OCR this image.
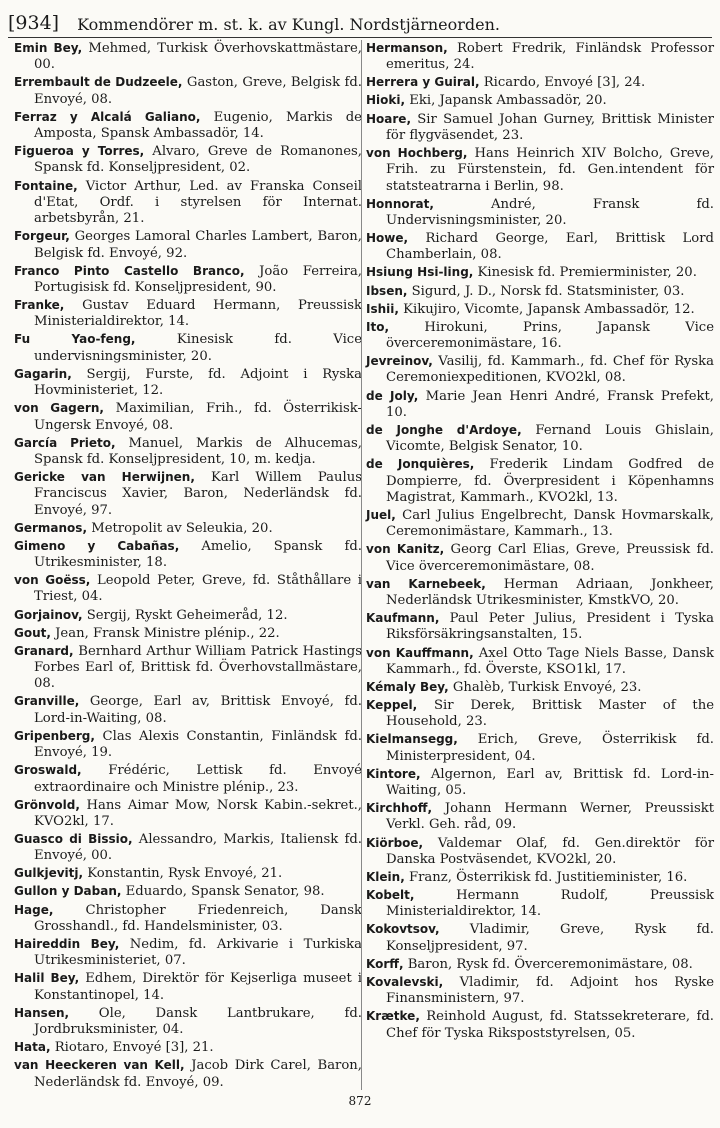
[934] Kommendörer m. st. k. av Kungl. Nordstjärneorden.
Emin Bey, Mehmed, Turkisk Överhovskattmästare, 00.
Errembault de Dudzeele, Gaston, Greve, Belgisk fd. Envoyé, 08.
Ferraz y Alcalá Galiano, Eugenio, Markis de Amposta, Spansk Ambassadör, 14.
Figueroa y Torres, Alvaro, Greve de Romanones, Spansk fd. Konseljpresident, 02.
Fontaine, Victor Arthur, Led. av Franska Conseil d'Etat, Ordf. i styrelsen för Internat. arbetsbyrån, 21.
Forgeur, Georges Lamoral Charles Lambert, Baron, Belgisk fd. Envoyé, 92.
Franco Pinto Castello Branco, João Ferreira, Portugisisk fd. Konseljpresident, 90.
Franke, Gustav Eduard Hermann, Preussisk Ministerialdirektor, 14.
Fu Yao-feng, Kinesisk fd. Vice undervisningsminister, 20.
Gagarin, Sergij, Furste, fd. Adjoint i Ryska Hovministeriet, 12.
von Gagern, Maximilian, Frih., fd. Österrikisk-Ungersk Envoyé, 08.
García Prieto, Manuel, Markis de Alhucemas, Spansk fd. Konseljpresident, 10, m. kedja.
Gericke van Herwijnen, Karl Willem Paulus Franciscus Xavier, Baron, Nederländsk fd. Envoyé, 97.
Germanos, Metropolit av Seleukia, 20.
Gimeno y Cabañas, Amelio, Spansk fd. Utrikesminister, 18.
von Goëss, Leopold Peter, Greve, fd. Ståthållare i Triest, 04.
Gorjainov, Sergij, Ryskt Geheimeråd, 12.
Gout, Jean, Fransk Ministre plénip., 22.
Granard, Bernhard Arthur William Patrick Hastings Forbes Earl of, Brittisk fd. Överhovstallmästare, 08.
Granville, George, Earl av, Brittisk Envoyé, fd. Lord-in-Waiting, 08.
Gripenberg, Clas Alexis Constantin, Finländsk fd. Envoyé, 19.
Groswald, Frédéric, Lettisk fd. Envoyé extraordinaire och Ministre plénip., 23.
Grönvold, Hans Aimar Mow, Norsk Kabin.-sekret., KVO2kl, 17.
Guasco di Bissio, Alessandro, Markis, Italiensk fd. Envoyé, 00.
Gulkjevitj, Konstantin, Rysk Envoyé, 21.
Gullon y Daban, Eduardo, Spansk Senator, 98.
Hage, Christopher Friedenreich, Dansk Grosshandl., fd. Handelsminister, 03.
Haireddin Bey, Nedim, fd. Arkivarie i Turkiska Utrikesministeriet, 07.
Halil Bey, Edhem, Direktör för Kejserliga museet i Konstantinopel, 14.
Hansen, Ole, Dansk Lantbrukare, fd. Jordbruksminister, 04.
Hata, Riotaro, Envoyé [3], 21.
van Heeckeren van Kell, Jacob Dirk Carel, Baron, Nederländsk fd. Envoyé, 09.
Hermanson, Robert Fredrik, Finländsk Professor emeritus, 24.
Herrera y Guiral, Ricardo, Envoyé [3], 24.
Hioki, Eki, Japansk Ambassadör, 20.
Hoare, Sir Samuel Johan Gurney, Brittisk Minister för flygväsendet, 23.
von Hochberg, Hans Heinrich XIV Bolcho, Greve, Frih. zu Fürstenstein, fd. Gen.intendent för statsteatrarna i Berlin, 98.
Honnorat, André, Fransk fd. Undervisningsminister, 20.
Howe, Richard George, Earl, Brittisk Lord Chamberlain, 08.
Hsiung Hsi-ling, Kinesisk fd. Premierminister, 20.
Ibsen, Sigurd, J. D., Norsk fd. Statsminister, 03.
Ishii, Kikujiro, Vicomte, Japansk Ambassadör, 12.
Ito, Hirokuni, Prins, Japansk Vice överceremonimästare, 16.
Jevreinov, Vasilij, fd. Kammarh., fd. Chef för Ryska Ceremoniexpeditionen, KVO2kl, 08.
de Joly, Marie Jean Henri André, Fransk Prefekt, 10.
de Jonghe d'Ardoye, Fernand Louis Ghislain, Vicomte, Belgisk Senator, 10.
de Jonquières, Frederik Lindam Godfred de Dompierre, fd. Överpresident i Köpenhamns Magistrat, Kammarh., KVO2kl, 13.
Juel, Carl Julius Engelbrecht, Dansk Hovmarskalk, Ceremonimästare, Kammarh., 13.
von Kanitz, Georg Carl Elias, Greve, Preussisk fd. Vice överceremonimästare, 08.
van Karnebeek, Herman Adriaan, Jonkheer, Nederländsk Utrikesminister, KmstkVO, 20.
Kaufmann, Paul Peter Julius, President i Tyska Riksförsäkringsanstalten, 15.
von Kauffmann, Axel Otto Tage Niels Basse, Dansk Kammarh., fd. Överste, KSO1kl, 17.
Kémaly Bey, Ghalèb, Turkisk Envoyé, 23.
Keppel, Sir Derek, Brittisk Master of the Household, 23.
Kielmansegg, Erich, Greve, Österrikisk fd. Ministerpresident, 04.
Kintore, Algernon, Earl av, Brittisk fd. Lord-in-Waiting, 05.
Kirchhoff, Johann Hermann Werner, Preussiskt Verkl. Geh. råd, 09.
Kiörboe, Valdemar Olaf, fd. Gen.direktör för Danska Postväsendet, KVO2kl, 20.
Klein, Franz, Österrikisk fd. Justitieminister, 16.
Kobelt, Hermann Rudolf, Preussisk Ministerialdirektor, 14.
Kokovtsov, Vladimir, Greve, Rysk fd. Konseljpresident, 97.
Korff, Baron, Rysk fd. Överceremonimästare, 08.
Kovalevski, Vladimir, fd. Adjoint hos Ryske Finansministern, 97.
Krætke, Reinhold August, fd. Statssekreterare, fd. Chef för Tyska Rikspoststyrelsen, 05.
872
